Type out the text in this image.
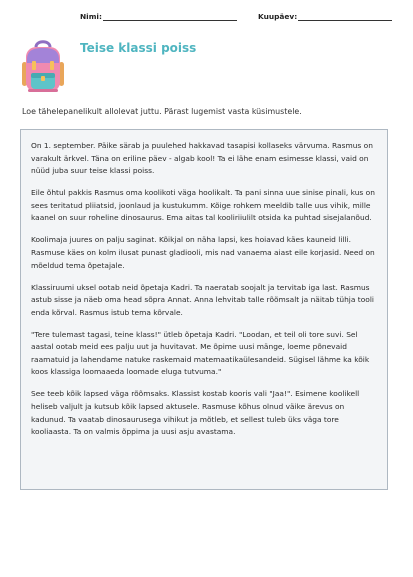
Nimi:	Kuupäev:
Teise klassi poiss

Loe tähelepanelikult allolevat juttu. Pärast lugemist vasta küsimustele.

On 1. september. Päike särab ja puulehed hakkavad tasapisi kollaseks värvuma. Rasmus on varakult ärkvel. Täna on eriline päev - algab kool! Ta ei lähe enam esimesse klassi, vaid on nüüd juba suur teise klassi poiss.

Eile õhtul pakkis Rasmus oma koolikoti väga hoolikalt. Ta pani sinna uue sinise pinali, kus on sees teritatud pliiatsid, joonlaud ja kustukumm. Kõige rohkem meeldib talle uus vihik, mille kaanel on suur roheline dinosaurus. Ema aitas tal kooliriiulilt otsida ka puhtad sisejalanõud.

Koolimaja juures on palju saginat. Kõikjal on näha lapsi, kes hoiavad käes kauneid lilli. Rasmuse käes on kolm ilusat punast gladiooli, mis nad vanaema aiast eile korjasid. Need on mõeldud tema õpetajale.

Klassiruumi uksel ootab neid õpetaja Kadri. Ta naeratab soojalt ja tervitab iga last. Rasmus astub sisse ja näeb oma head sõpra Annat. Anna lehvitab talle rõõmsalt ja näitab tühja tooli enda kõrval. Rasmus istub tema kõrvale.

"Tere tulemast tagasi, teine klass!" ütleb õpetaja Kadri. "Loodan, et teil oli tore suvi. Sel aastal ootab meid ees palju uut ja huvitavat. Me õpime uusi mänge, loeme põnevaid raamatuid ja lahendame natuke raskemaid matemaatikaülesandeid. Sügisel lähme ka kõik koos klassiga loomaaeda loomade eluga tutvuma."

See teeb kõik lapsed väga rõõmsaks. Klassist kostab kooris vali "Jaa!". Esimene koolikell heliseb valjult ja kutsub kõik lapsed aktusele. Rasmuse kõhus olnud väike ärevus on kadunud. Ta vaatab dinosaurusega vihikut ja mõtleb, et sellest tuleb üks väga tore kooliaasta. Ta on valmis õppima ja uusi asju avastama.
